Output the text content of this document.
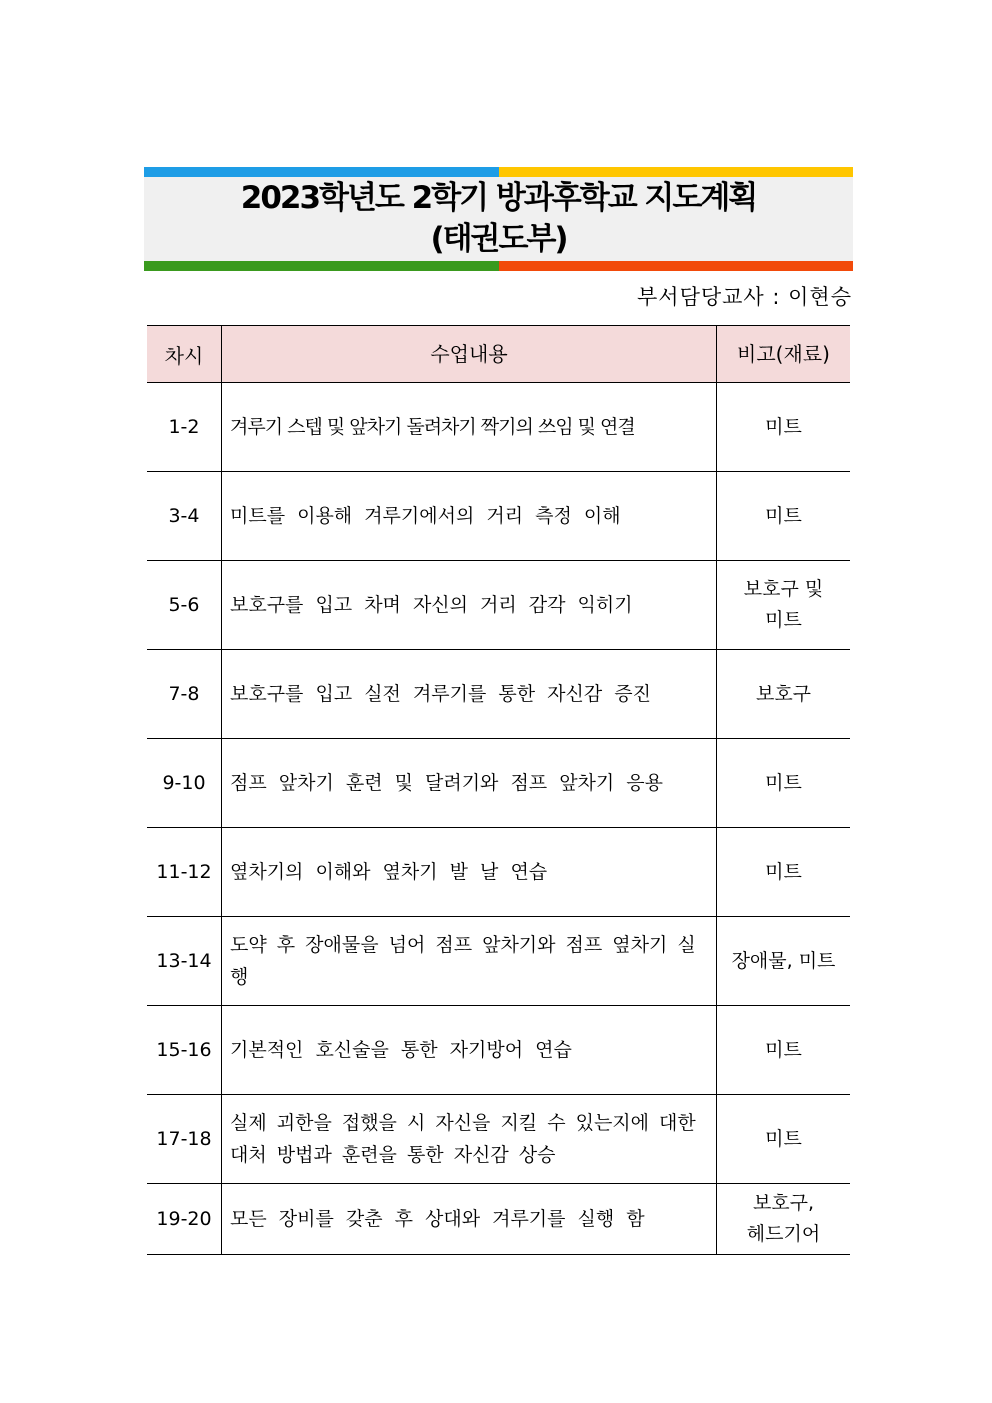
2023학년도 2학기 방과후학교 지도계획
(태권도부)
부서담당교사 : 이현승
차시	수업내용	비고(재료)
1-2	겨루기 스텝 및 앞차기 돌려차기 짝기의 쓰임 및 연결	미트
3-4	미트를 이용해 겨루기에서의 거리 측정 이해	미트
5-6	보호구를 입고 차며 자신의 거리 감각 익히기	보호구 및
미트
7-8	보호구를 입고 실전 겨루기를 통한 자신감 증진	보호구
9-10	점프 앞차기 훈련 및 달려기와 점프 앞차기 응용	미트
11-12	옆차기의 이해와 옆차기 발 날 연습	미트
13-14	도약 후 장애물을 넘어 점프 앞차기와 점프 옆차기 실행	장애물, 미트
15-16	기본적인 호신술을 통한 자기방어 연습	미트
17-18	실제 괴한을 접했을 시 자신을 지킬 수 있는지에 대한 대처 방법과 훈련을 통한 자신감 상승	미트
19-20	모든 장비를 갖춘 후 상대와 겨루기를 실행 함	보호구,
헤드기어
